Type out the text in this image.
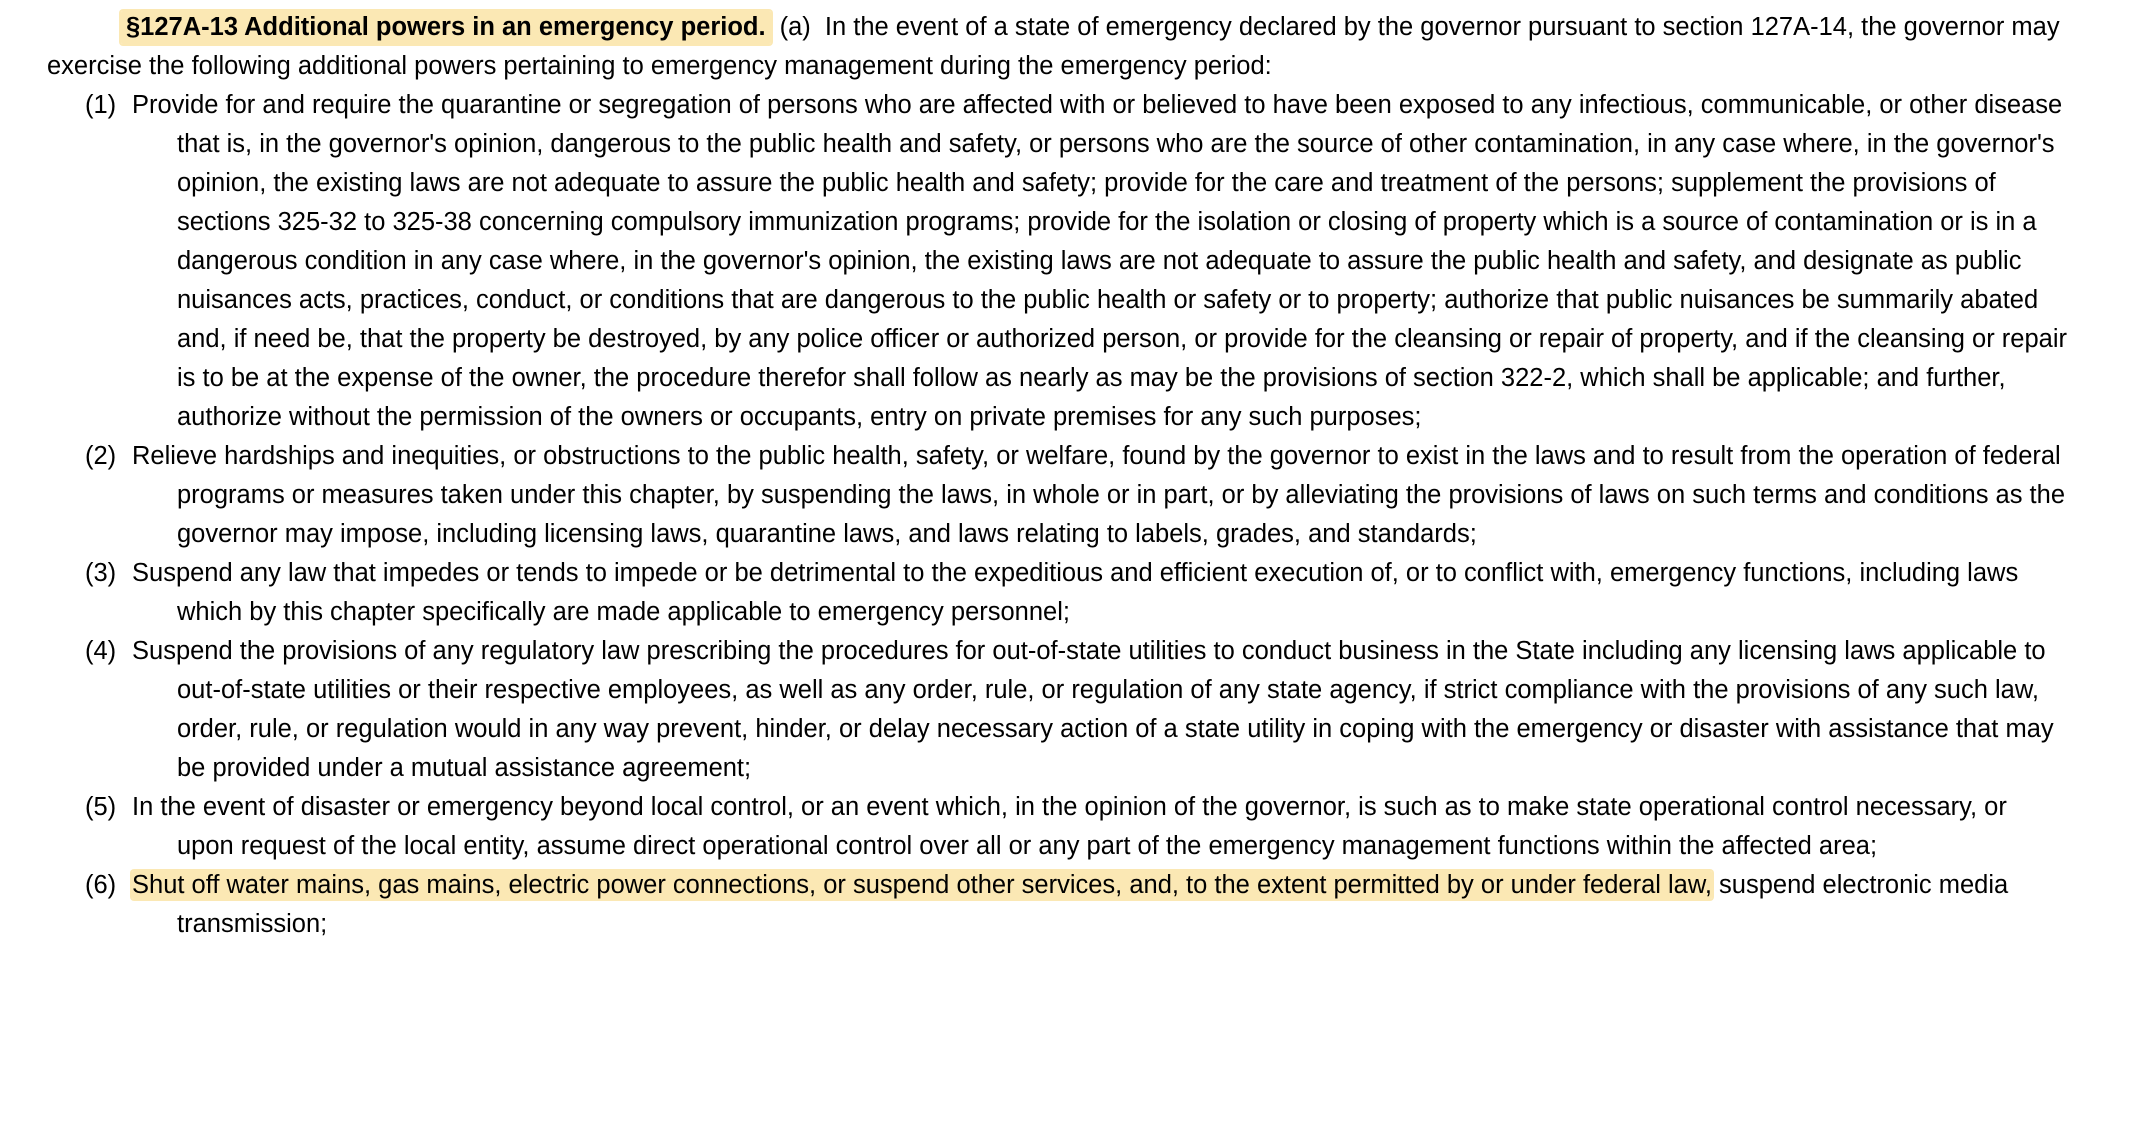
§127A-13 Additional powers in an emergency period. (a) In the event of a state of emergency declared by the governor pursuant to section 127A-14, the governor may exercise the following additional powers pertaining to emergency management during the emergency period:

(1) Provide for and require the quarantine or segregation of persons who are affected with or believed to have been exposed to any infectious, communicable, or other disease that is, in the governor's opinion, dangerous to the public health and safety, or persons who are the source of other contamination, in any case where, in the governor's opinion, the existing laws are not adequate to assure the public health and safety; provide for the care and treatment of the persons; supplement the provisions of sections 325-32 to 325-38 concerning compulsory immunization programs; provide for the isolation or closing of property which is a source of contamination or is in a dangerous condition in any case where, in the governor's opinion, the existing laws are not adequate to assure the public health and safety, and designate as public nuisances acts, practices, conduct, or conditions that are dangerous to the public health or safety or to property; authorize that public nuisances be summarily abated and, if need be, that the property be destroyed, by any police officer or authorized person, or provide for the cleansing or repair of property, and if the cleansing or repair is to be at the expense of the owner, the procedure therefor shall follow as nearly as may be the provisions of section 322-2, which shall be applicable; and further, authorize without the permission of the owners or occupants, entry on private premises for any such purposes;
(2) Relieve hardships and inequities, or obstructions to the public health, safety, or welfare, found by the governor to exist in the laws and to result from the operation of federal programs or measures taken under this chapter, by suspending the laws, in whole or in part, or by alleviating the provisions of laws on such terms and conditions as the governor may impose, including licensing laws, quarantine laws, and laws relating to labels, grades, and standards;
(3) Suspend any law that impedes or tends to impede or be detrimental to the expeditious and efficient execution of, or to conflict with, emergency functions, including laws which by this chapter specifically are made applicable to emergency personnel;
(4) Suspend the provisions of any regulatory law prescribing the procedures for out-of-state utilities to conduct business in the State including any licensing laws applicable to out-of-state utilities or their respective employees, as well as any order, rule, or regulation of any state agency, if strict compliance with the provisions of any such law, order, rule, or regulation would in any way prevent, hinder, or delay necessary action of a state utility in coping with the emergency or disaster with assistance that may be provided under a mutual assistance agreement;
(5) In the event of disaster or emergency beyond local control, or an event which, in the opinion of the governor, is such as to make state operational control necessary, or upon request of the local entity, assume direct operational control over all or any part of the emergency management functions within the affected area;
(6) Shut off water mains, gas mains, electric power connections, or suspend other services, and, to the extent permitted by or under federal law, suspend electronic media transmission;
